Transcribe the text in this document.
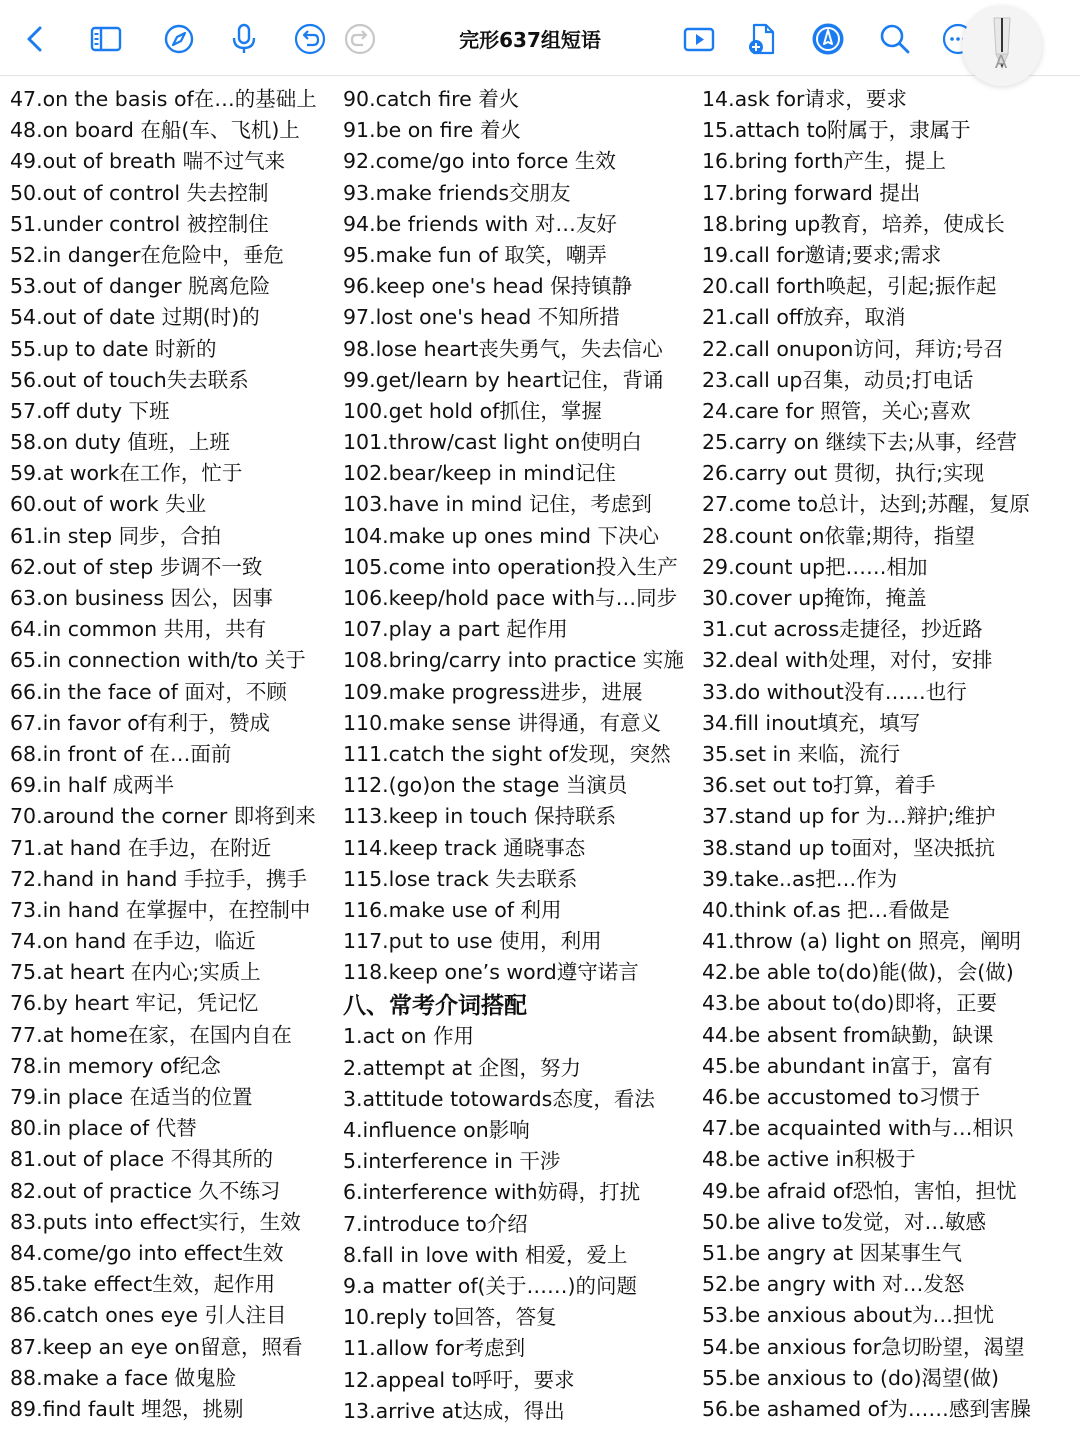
完形637组短语
A
47.on the basis of在…的基础上
48.on board 在船(车、飞机)上
49.out of breath 喘不过气来
50.out of control 失去控制
51.under control 被控制住
52.in danger在危险中，垂危
53.out of danger 脱离危险
54.out of date 过期(时)的
55.up to date 时新的
56.out of touch失去联系
57.off duty 下班
58.on duty 值班，上班
59.at work在工作，忙于
60.out of work 失业
61.in step 同步，合拍
62.out of step 步调不一致
63.on business 因公，因事
64.in common 共用，共有
65.in connection with/to 关于
66.in the face of 面对，不顾
67.in favor of有利于，赞成
68.in front of 在…面前
69.in half 成两半
70.around the corner 即将到来
71.at hand 在手边，在附近
72.hand in hand 手拉手，携手
73.in hand 在掌握中，在控制中
74.on hand 在手边，临近
75.at heart 在内心;实质上
76.by heart 牢记，凭记忆
77.at home在家，在国内自在
78.in memory of纪念
79.in place 在适当的位置
80.in place of 代替
81.out of place 不得其所的
82.out of practice 久不练习
83.puts into effect实行，生效
84.come/go into effect生效
85.take effect生效，起作用
86.catch ones eye 引人注目
87.keep an eye on留意，照看
88.make a face 做鬼脸
89.find fault 埋怨，挑剔
90.catch fire 着火
91.be on fire 着火
92.come/go into force 生效
93.make friends交朋友
94.be friends with 对…友好
95.make fun of 取笑，嘲弄
96.keep one's head 保持镇静
97.lost one's head 不知所措
98.lose heart丧失勇气，失去信心
99.get/learn by heart记住，背诵
100.get hold of抓住，掌握
101.throw/cast light on使明白
102.bear/keep in mind记住
103.have in mind 记住，考虑到
104.make up ones mind 下决心
105.come into operation投入生产
106.keep/hold pace with与…同步
107.play a part 起作用
108.bring/carry into practice 实施
109.make progress进步，进展
110.make sense 讲得通，有意义
111.catch the sight of发现，突然
112.(go)on the stage 当演员
113.keep in touch 保持联系
114.keep track 通晓事态
115.lose track 失去联系
116.make use of 利用
117.put to use 使用，利用
118.keep one’s word遵守诺言
八、常考介词搭配
1.act on 作用
2.attempt at 企图，努力
3.attitude totowards态度，看法
4.influence on影响
5.interference in 干涉
6.interference with妨碍，打扰
7.introduce to介绍
8.fall in love with 相爱，爱上
9.a matter of(关于……)的问题
10.reply to回答，答复
11.allow for考虑到
12.appeal to呼吁，要求
13.arrive at达成，得出
14.ask for请求，要求
15.attach to附属于，隶属于
16.bring forth产生，提上
17.bring forward 提出
18.bring up教育，培养，使成长
19.call for邀请;要求;需求
20.call forth唤起，引起;振作起
21.call off放弃，取消
22.call onupon访问，拜访;号召
23.call up召集，动员;打电话
24.care for 照管，关心;喜欢
25.carry on 继续下去;从事，经营
26.carry out 贯彻，执行;实现
27.come to总计，达到;苏醒，复原
28.count on依靠;期待，指望
29.count up把……相加
30.cover up掩饰，掩盖
31.cut across走捷径，抄近路
32.deal with处理，对付，安排
33.do without没有……也行
34.fill inout填充，填写
35.set in 来临，流行
36.set out to打算，着手
37.stand up for 为…辩护;维护
38.stand up to面对，坚决抵抗
39.take..as把…作为
40.think of.as 把…看做是
41.throw (a) light on 照亮，阐明
42.be able to(do)能(做)，会(做)
43.be about to(do)即将，正要
44.be absent from缺勤，缺课
45.be abundant in富于，富有
46.be accustomed to习惯于
47.be acquainted with与…相识
48.be active in积极于
49.be afraid of恐怕，害怕，担忧
50.be alive to发觉，对…敏感
51.be angry at 因某事生气
52.be angry with 对…发怒
53.be anxious about为…担忧
54.be anxious for急切盼望，渴望
55.be anxious to (do)渴望(做)
56.be ashamed of为……感到害臊
